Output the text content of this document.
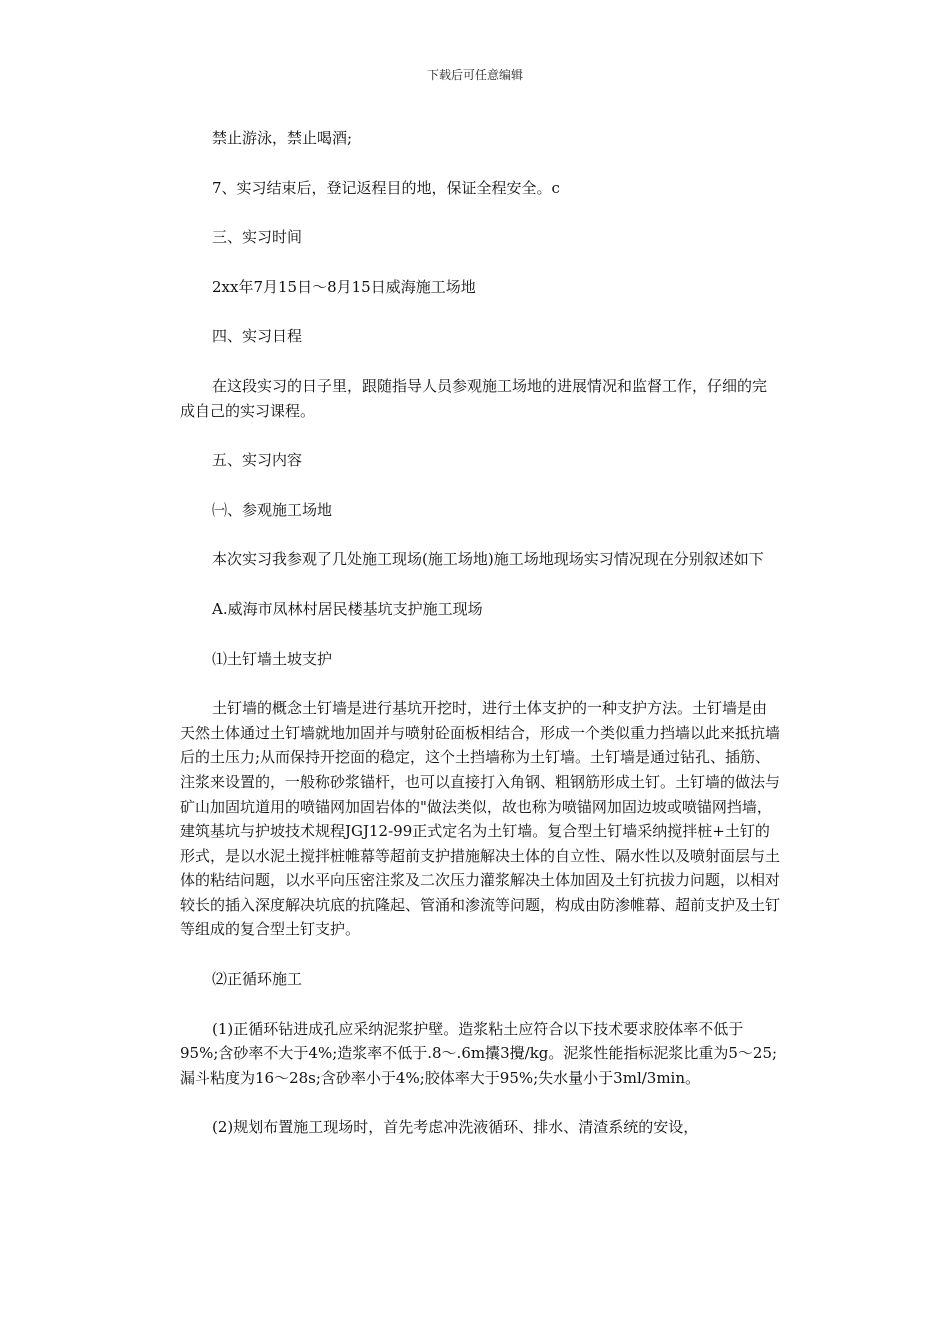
下载后可任意编辑

禁止游泳，禁止喝酒;

7、实习结束后，登记返程目的地，保证全程安全。c

三、实习时间

2xx年7月15日～8月15日威海施工场地

四、实习日程

在这段实习的日子里，跟随指导人员参观施工场地的进展情况和监督工作，仔细的完成自己的实习课程。

五、实习内容

㈠、参观施工场地

本次实习我参观了几处施工现场(施工场地)施工场地现场实习情况现在分别叙述如下

A.威海市凤林村居民楼基坑支护施工现场

⑴土钉墙土坡支护

土钉墙的概念土钉墙是进行基坑开挖时，进行土体支护的一种支护方法。土钉墙是由天然土体通过土钉墙就地加固并与喷射砼面板相结合，形成一个类似重力挡墙以此来抵抗墙后的土压力;从而保持开挖面的稳定，这个土挡墙称为土钉墙。土钉墙是通过钻孔、插筋、注浆来设置的，一般称砂浆锚杆，也可以直接打入角钢、粗钢筋形成土钉。土钉墙的做法与矿山加固坑道用的喷锚网加固岩体的"做法类似，故也称为喷锚网加固边坡或喷锚网挡墙，建筑基坑与护坡技术规程JGJ12-99正式定名为土钉墙。复合型土钉墙采纳搅拌桩+土钉的形式，是以水泥土搅拌桩帷幕等超前支护措施解决土体的自立性、隔水性以及喷射面层与土体的粘结问题，以水平向压密注浆及二次压力灌浆解决土体加固及土钉抗拔力问题，以相对较长的插入深度解决坑底的抗隆起、管涌和渗流等问题，构成由防渗帷幕、超前支护及土钉等组成的复合型土钉支护。

⑵正循环施工

(1)正循环钻进成孔应采纳泥浆护壁。造浆粘土应符合以下技术要求胶体率不低于95%;含砂率不大于4%;造浆率不低于.8～.6m攮3攪/kg。泥浆性能指标泥浆比重为5～25;漏斗粘度为16～28s;含砂率小于4%;胶体率大于95%;失水量小于3ml/3min。

(2)规划布置施工现场时，首先考虑冲洗液循环、排水、清渣系统的安设，
